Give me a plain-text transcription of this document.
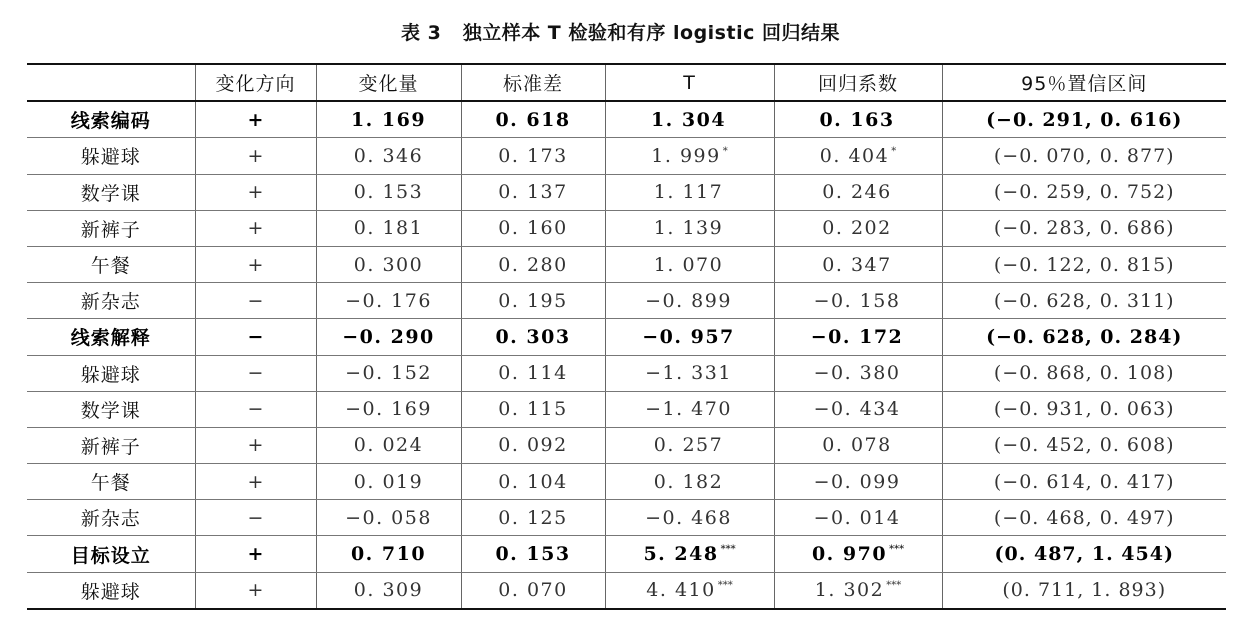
表 3   独立样本 T 检验和有序 logistic 回归结果
	变化方向	变化量	标准差	T	回归系数	95％置信区间
线索编码	+	1. 169	0. 618	1. 304	0. 163	(−0. 291, 0. 616)
躲避球	+	0. 346	0. 173	1. 999 *	0. 404 *	(−0. 070, 0. 877)
数学课	+	0. 153	0. 137	1. 117	0. 246	(−0. 259, 0. 752)
新裤子	+	0. 181	0. 160	1. 139	0. 202	(−0. 283, 0. 686)
午餐	+	0. 300	0. 280	1. 070	0. 347	(−0. 122, 0. 815)
新杂志	−	−0. 176	0. 195	−0. 899	−0. 158	(−0. 628, 0. 311)
线索解释	−	−0. 290	0. 303	−0. 957	−0. 172	(−0. 628, 0. 284)
躲避球	−	−0. 152	0. 114	−1. 331	−0. 380	(−0. 868, 0. 108)
数学课	−	−0. 169	0. 115	−1. 470	−0. 434	(−0. 931, 0. 063)
新裤子	+	0. 024	0. 092	0. 257	0. 078	(−0. 452, 0. 608)
午餐	+	0. 019	0. 104	0. 182	−0. 099	(−0. 614, 0. 417)
新杂志	−	−0. 058	0. 125	−0. 468	−0. 014	(−0. 468, 0. 497)
目标设立	+	0. 710	0. 153	5. 248 ***	0. 970 ***	(0. 487, 1. 454)
躲避球	+	0. 309	0. 070	4. 410 ***	1. 302 ***	(0. 711, 1. 893)
